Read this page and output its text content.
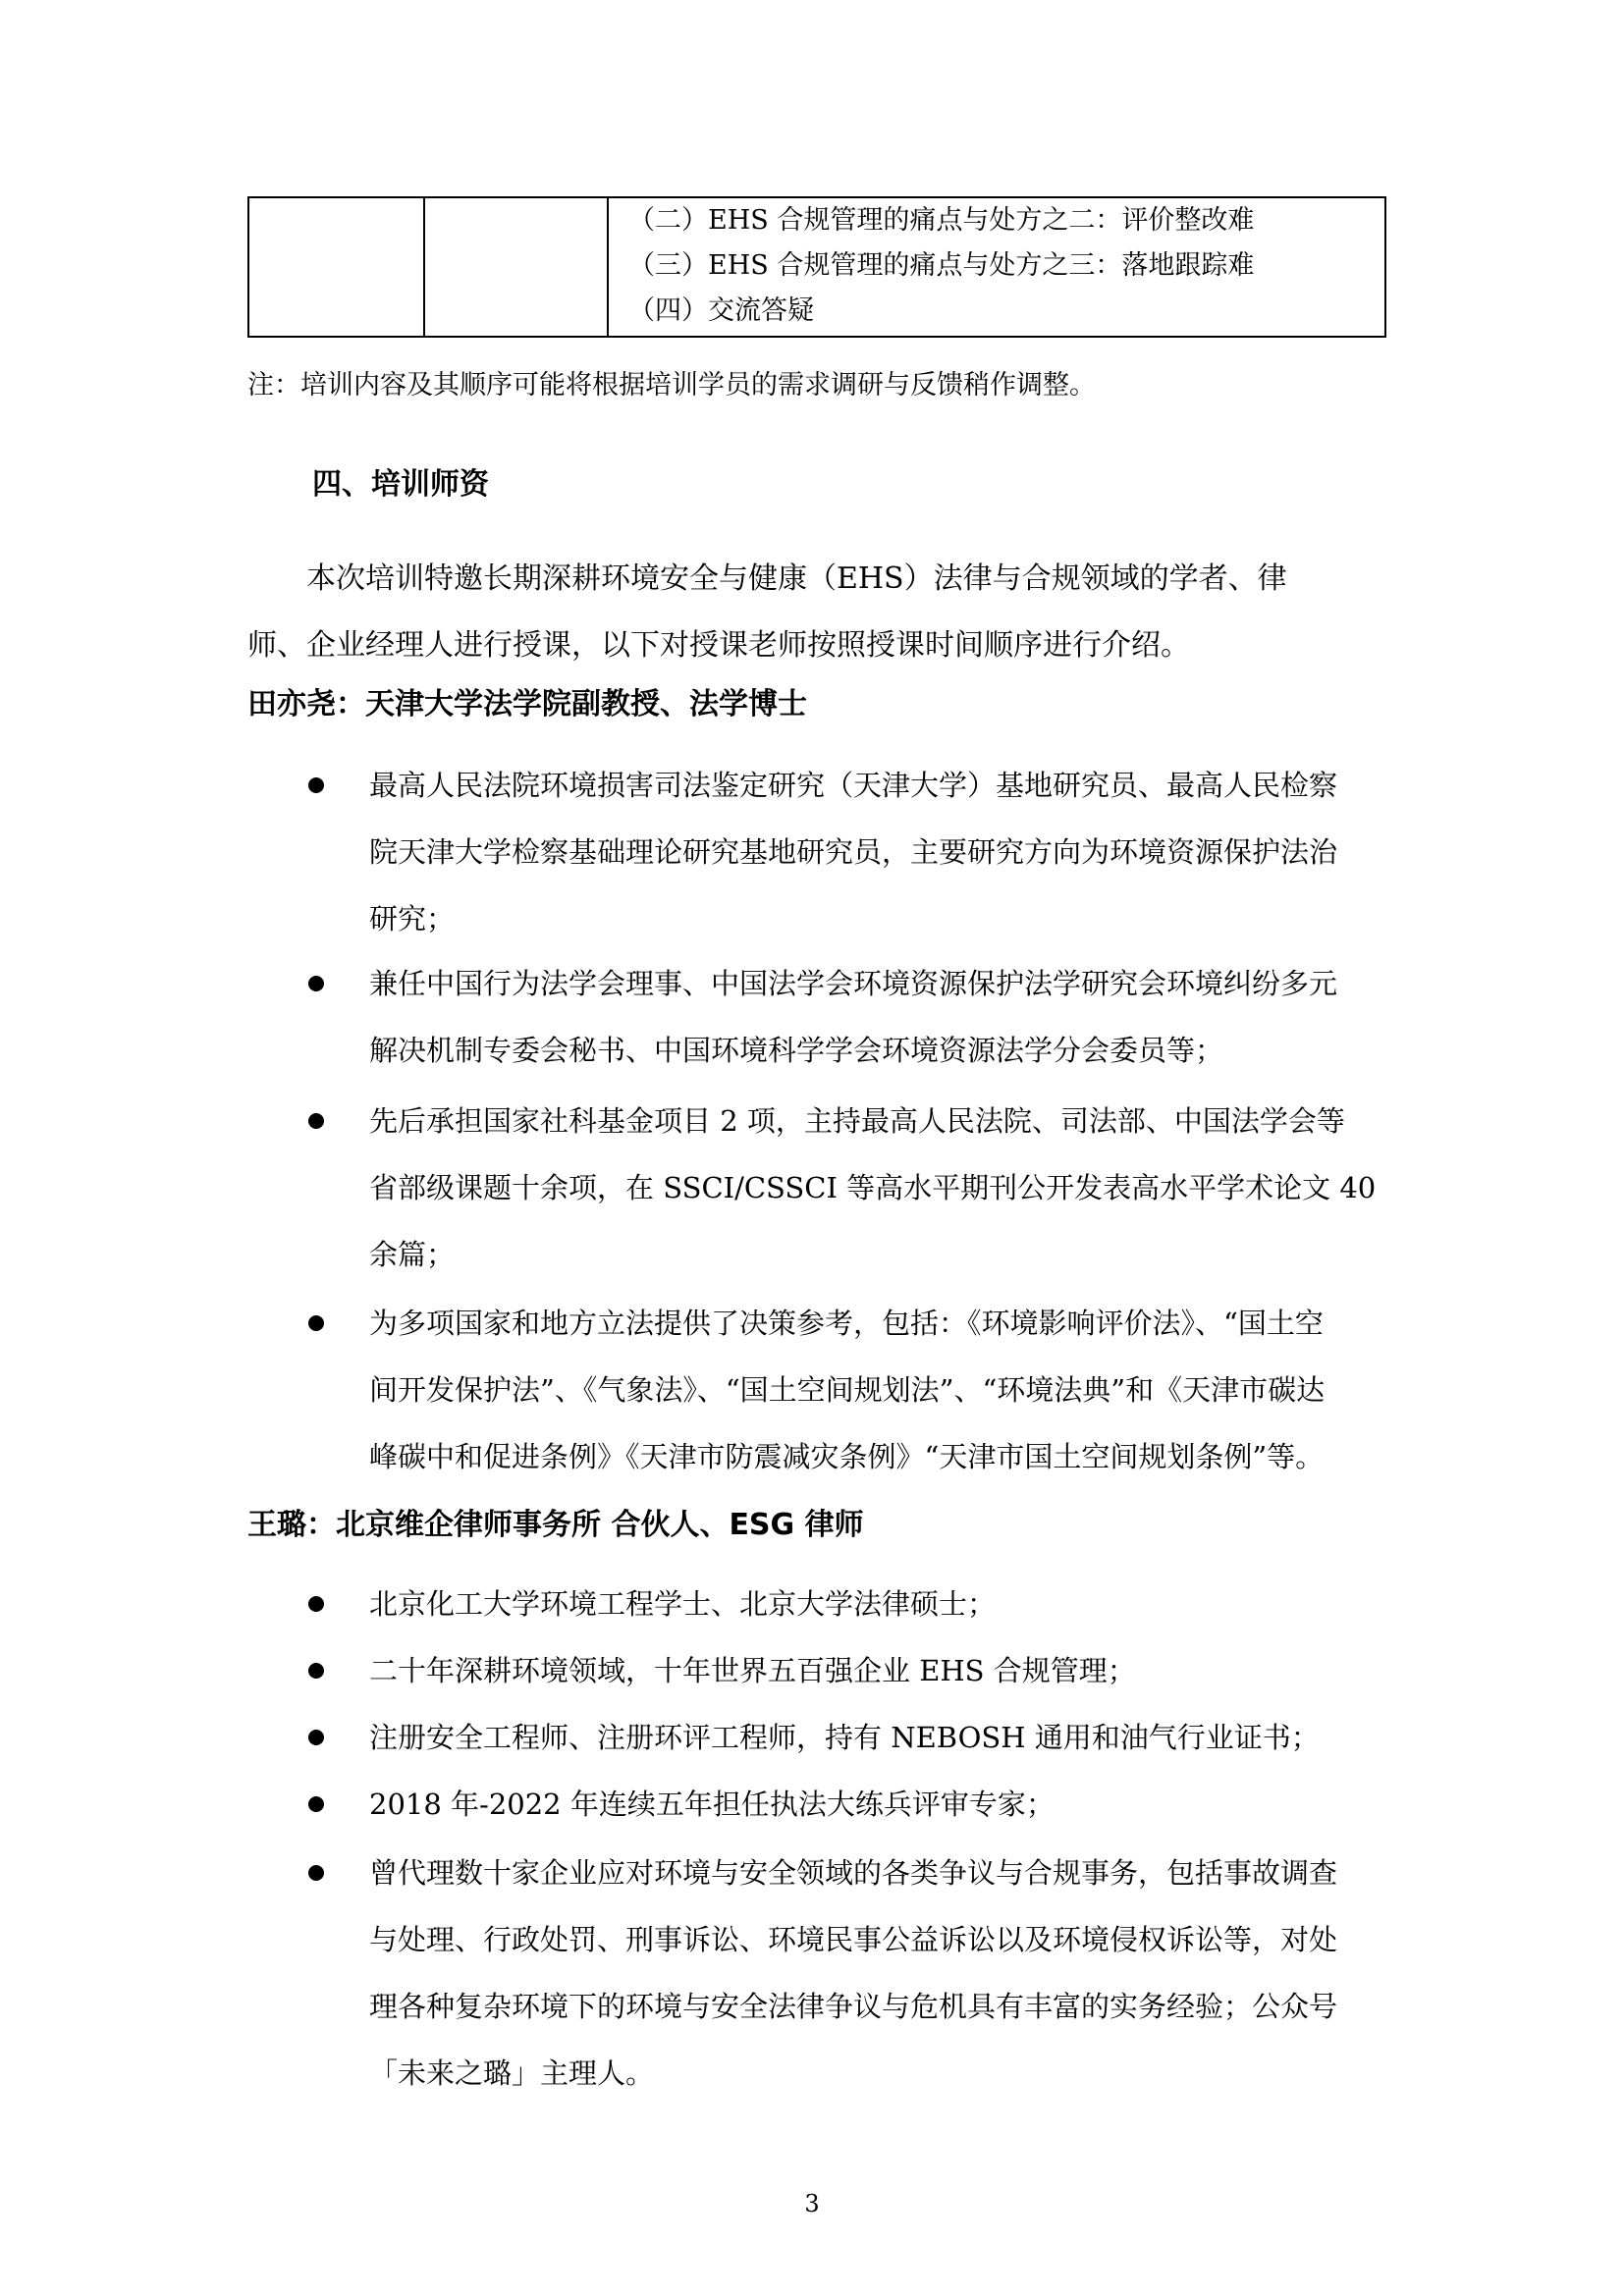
（二）EHS 合规管理的痛点与处方之二：评价整改难
（三）EHS 合规管理的痛点与处方之三：落地跟踪难
（四）交流答疑
注：培训内容及其顺序可能将根据培训学员的需求调研与反馈稍作调整。
四、培训师资
本次培训特邀长期深耕环境安全与健康（EHS）法律与合规领域的学者、律
师、企业经理人进行授课，以下对授课老师按照授课时间顺序进行介绍。
田亦尧：天津大学法学院副教授、法学博士
最高人民法院环境损害司法鉴定研究（天津大学）基地研究员、最高人民检察
院天津大学检察基础理论研究基地研究员，主要研究方向为环境资源保护法治
研究；
兼任中国行为法学会理事、中国法学会环境资源保护法学研究会环境纠纷多元
解决机制专委会秘书、中国环境科学学会环境资源法学分会委员等；
先后承担国家社科基金项目 2 项，主持最高人民法院、司法部、中国法学会等
省部级课题十余项，在 SSCI/CSSCI 等高水平期刊公开发表高水平学术论文 40
余篇；
为多项国家和地方立法提供了决策参考，包括：《环境影响评价法》、“国土空
间开发保护法”、《气象法》、“国土空间规划法”、“环境法典”和《天津市碳达
峰碳中和促进条例》《天津市防震减灾条例》“天津市国土空间规划条例”等。
王璐：北京维企律师事务所 合伙人、ESG 律师
北京化工大学环境工程学士、北京大学法律硕士；
二十年深耕环境领域，十年世界五百强企业 EHS 合规管理；
注册安全工程师、注册环评工程师，持有 NEBOSH 通用和油气行业证书；
2018 年-2022 年连续五年担任执法大练兵评审专家；
曾代理数十家企业应对环境与安全领域的各类争议与合规事务，包括事故调查
与处理、行政处罚、刑事诉讼、环境民事公益诉讼以及环境侵权诉讼等，对处
理各种复杂环境下的环境与安全法律争议与危机具有丰富的实务经验；公众号
「未来之璐」主理人。
3
